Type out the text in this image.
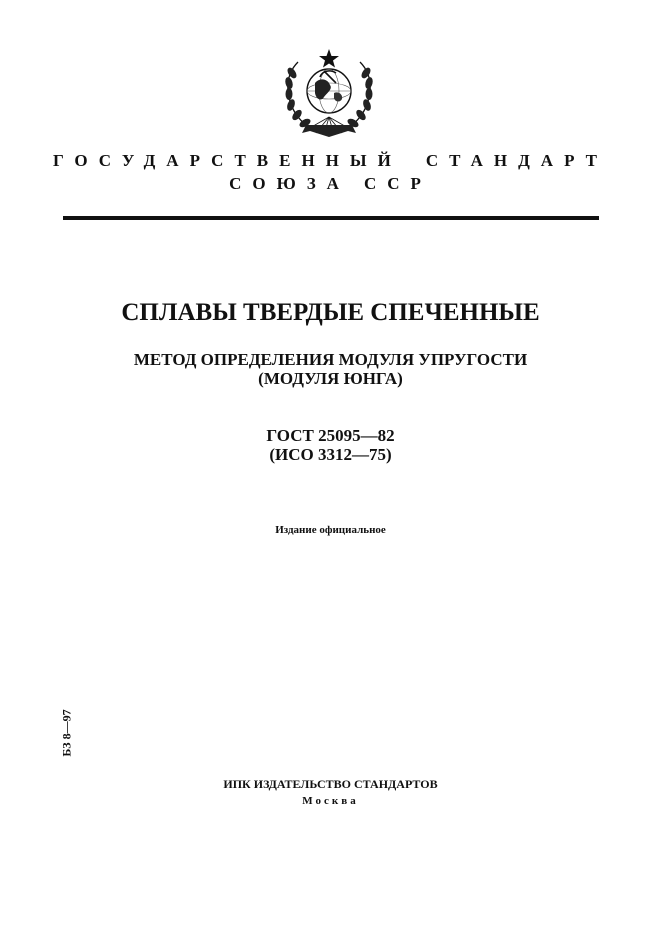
ГОСУДАРСТВЕННЫЙ СТАНДАРТ
СОЮЗА ССР
СПЛАВЫ ТВЕРДЫЕ СПЕЧЕННЫЕ
МЕТОД ОПРЕДЕЛЕНИЯ МОДУЛЯ УПРУГОСТИ
(МОДУЛЯ ЮНГА)
ГОСТ 25095—82
(ИСО 3312—75)
Издание официальное
БЗ 8—97
ИПК ИЗДАТЕЛЬСТВО СТАНДАРТОВ
Москва
